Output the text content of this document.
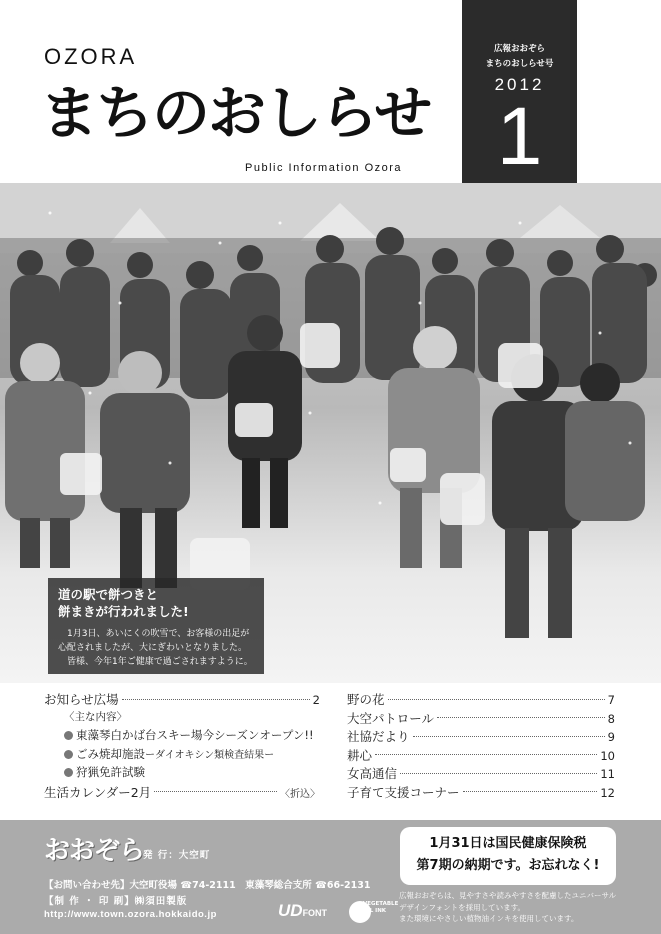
OZORA
まちのおしらせ
Public Information Ozora
広報おおぞら
まちのおしらせ号
2012
1
道の駅で餅つきと
餅まきが行われました!
1月3日、あいにくの吹雪で、お客様の出足が
心配されましたが、大にぎわいとなりました。
皆様、今年1年ご健康で過ごされますように。
お知らせ広場	2
〈主な内容〉
東藻琴白かば台スキー場今シーズンオープン!!
ごみ焼却施設ーダイオキシン類検査結果ー
狩猟免許試験
生活カレンダー2月	〈折込〉
野の花	7
大空パトロール	8
社協だより	9
耕心	10
女高通信	11
子育て支援コーナー	12
おおぞら
発 行：大空町
【お問い合わせ先】大空町役場 ☎74-2111　東藻琴総合支所 ☎66-2131
【制 作 ・ 印 刷】㈱須田製版
http://www.town.ozora.hokkaido.jp
1月31日は国民健康保険税
第7期の納期です。お忘れなく!
UDFONT
VEGETABLE OIL INK
広報おおぞらは、見やすさや読みやすさを配慮したユニバーサル
デザインフォントを採用しています。
また環境にやさしい植物油インキを使用しています。
